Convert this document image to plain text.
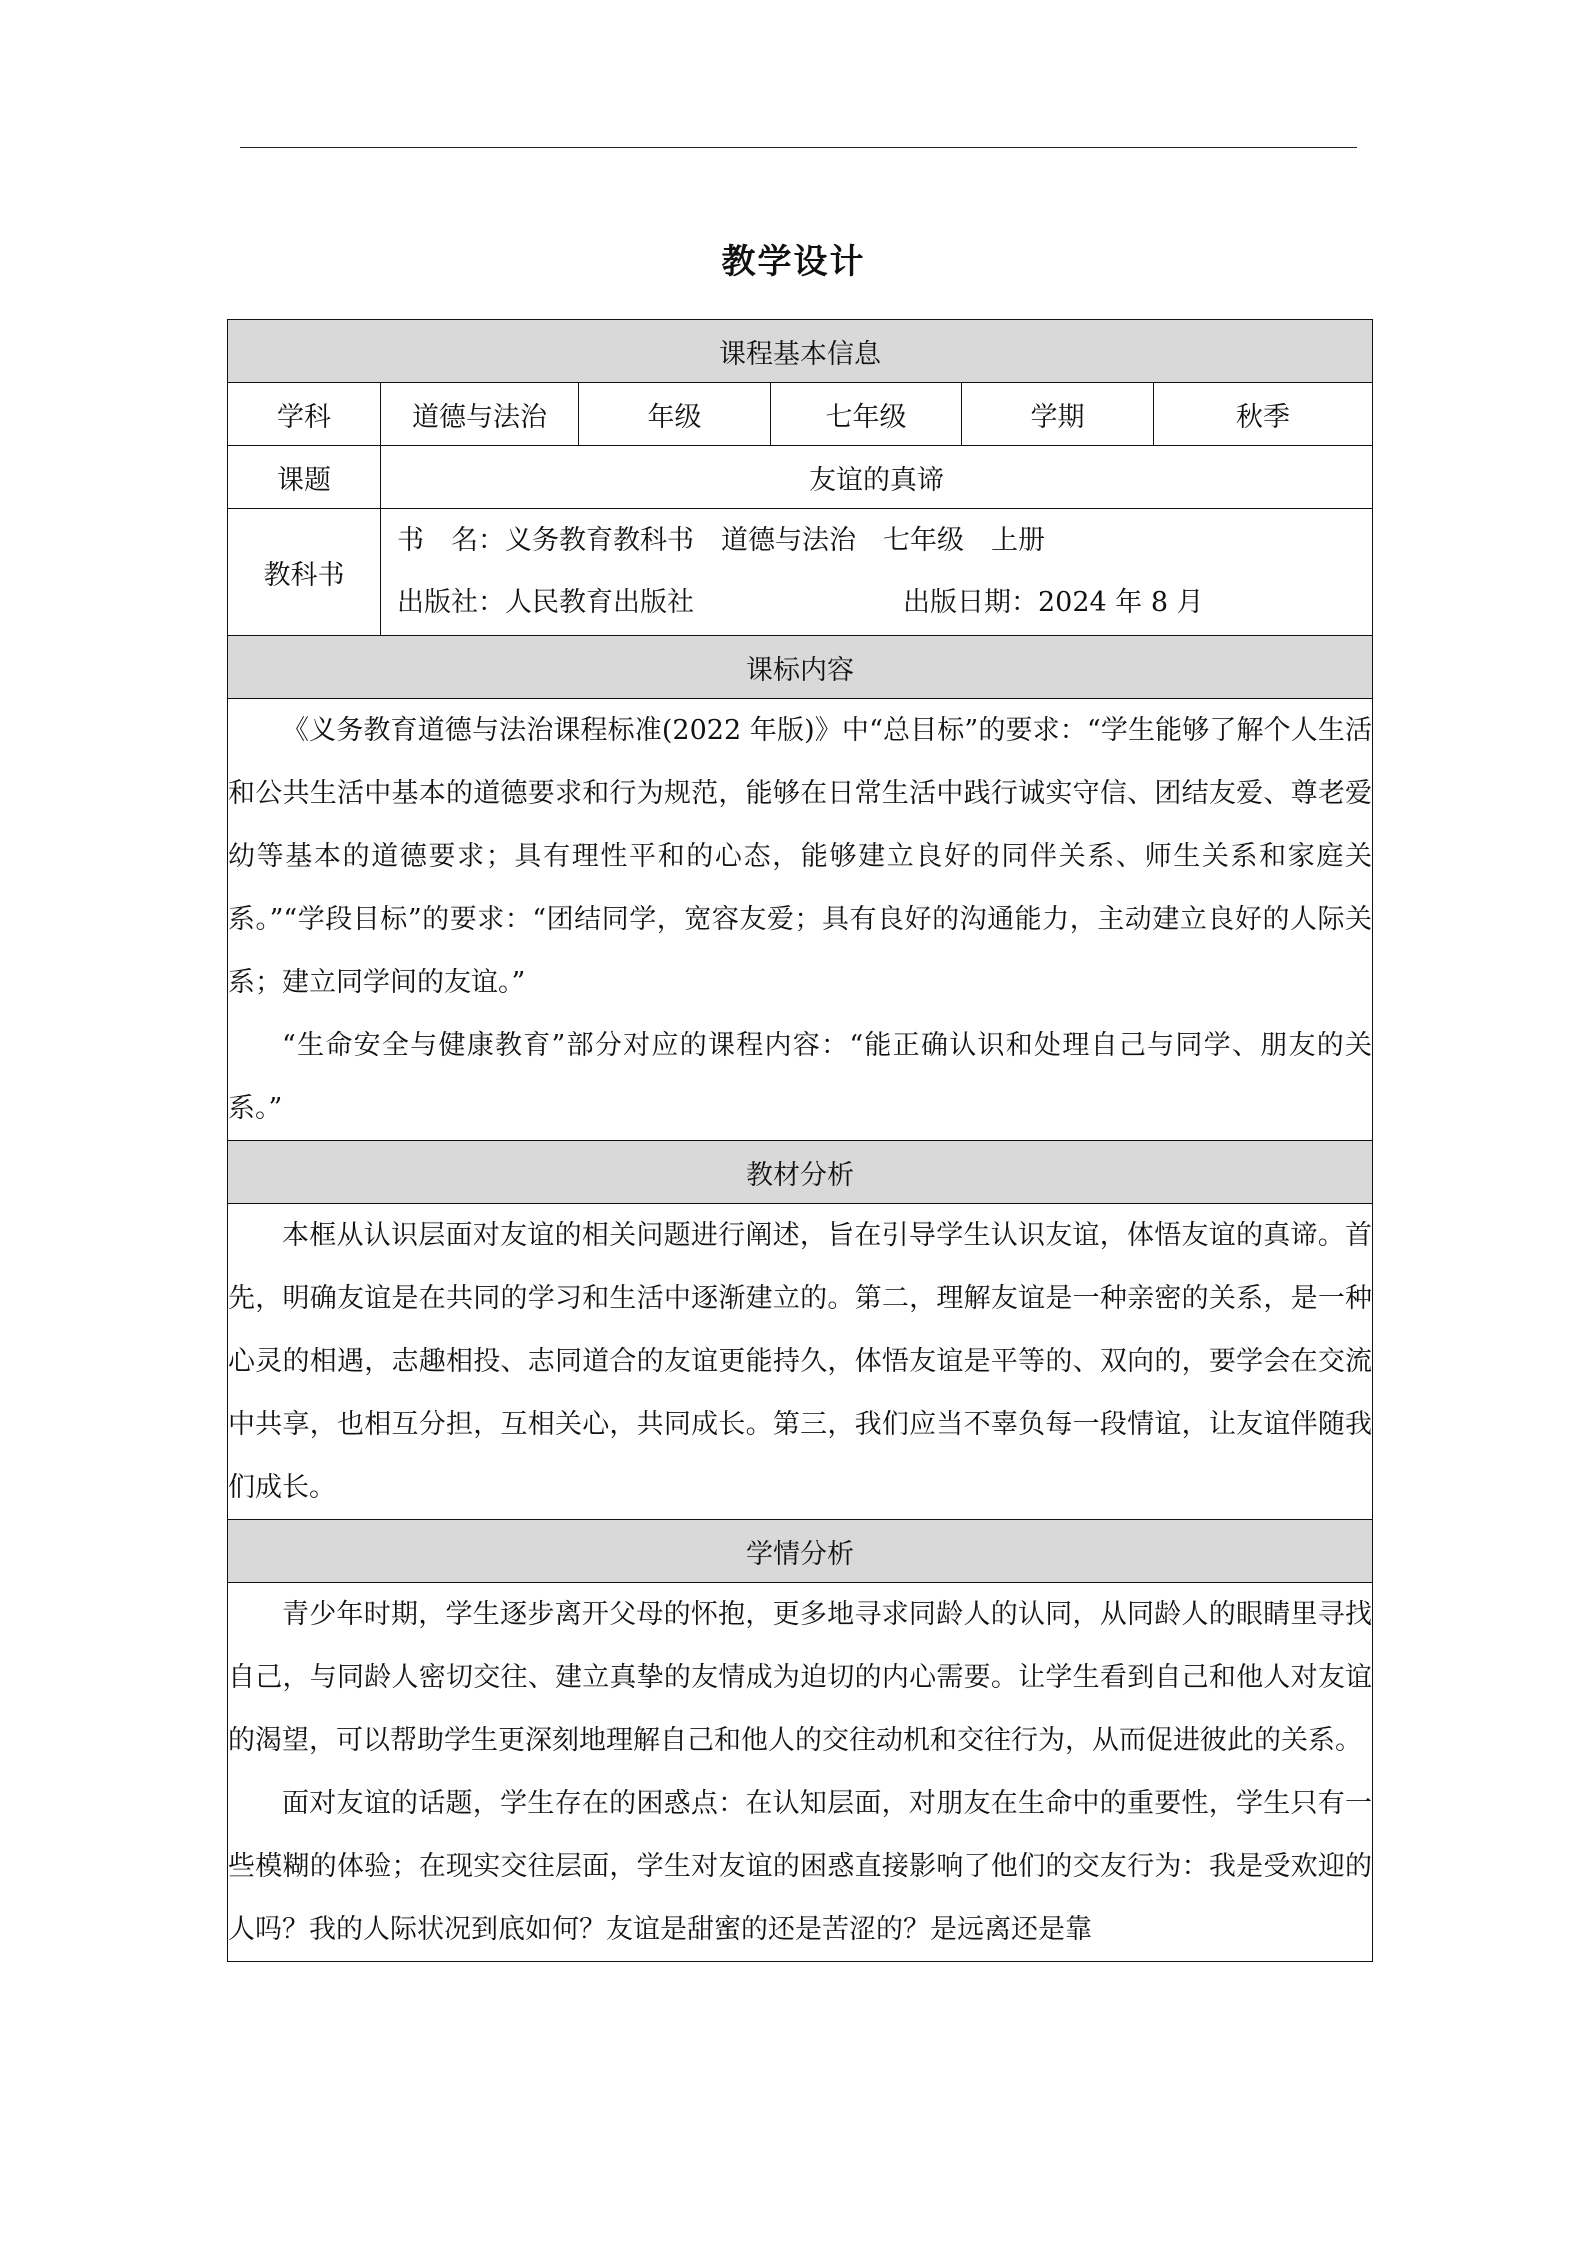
教学设计
课程基本信息					
学科	道德与法治	年级	七年级	学期	秋季
课题	友谊的真谛				
教科书	书　名：义务教育教科书　道德与法治　七年级　上册
出版社：人民教育出版社 出版日期：2024 年 8 月				

课标内容					

《义务教育道德与法治课程标准(2022 年版)》中“总目标”的要求：“学生能够了解个人生活和公共生活中基本的道德要求和行为规范，能够在日常生活中践行诚实守信、团结友爱、尊老爱幼等基本的道德要求；具有理性平和的心态，能够建立良好的同伴关系、师生关系和家庭关系。”“学段目标”的要求：“团结同学，宽容友爱；具有良好的沟通能力，主动建立良好的人际关系；建立同学间的友谊。”

“生命安全与健康教育”部分对应的课程内容：“能正确认识和处理自己与同学、朋友的关系。”					

教材分析					

本框从认识层面对友谊的相关问题进行阐述，旨在引导学生认识友谊，体悟友谊的真谛。首先，明确友谊是在共同的学习和生活中逐渐建立的。第二，理解友谊是一种亲密的关系，是一种心灵的相遇，志趣相投、志同道合的友谊更能持久，体悟友谊是平等的、双向的，要学会在交流中共享，也相互分担，互相关心，共同成长。第三，我们应当不辜负每一段情谊，让友谊伴随我们成长。					

学情分析					

青少年时期，学生逐步离开父母的怀抱，更多地寻求同龄人的认同，从同龄人的眼睛里寻找自己，与同龄人密切交往、建立真挚的友情成为迫切的内心需要。让学生看到自己和他人对友谊的渴望，可以帮助学生更深刻地理解自己和他人的交往动机和交往行为，从而促进彼此的关系。

面对友谊的话题，学生存在的困惑点：在认知层面，对朋友在生命中的重要性，学生只有一些模糊的体验；在现实交往层面，学生对友谊的困惑直接影响了他们的交友行为：我是受欢迎的人吗？我的人际状况到底如何？友谊是甜蜜的还是苦涩的？是远离还是靠					
